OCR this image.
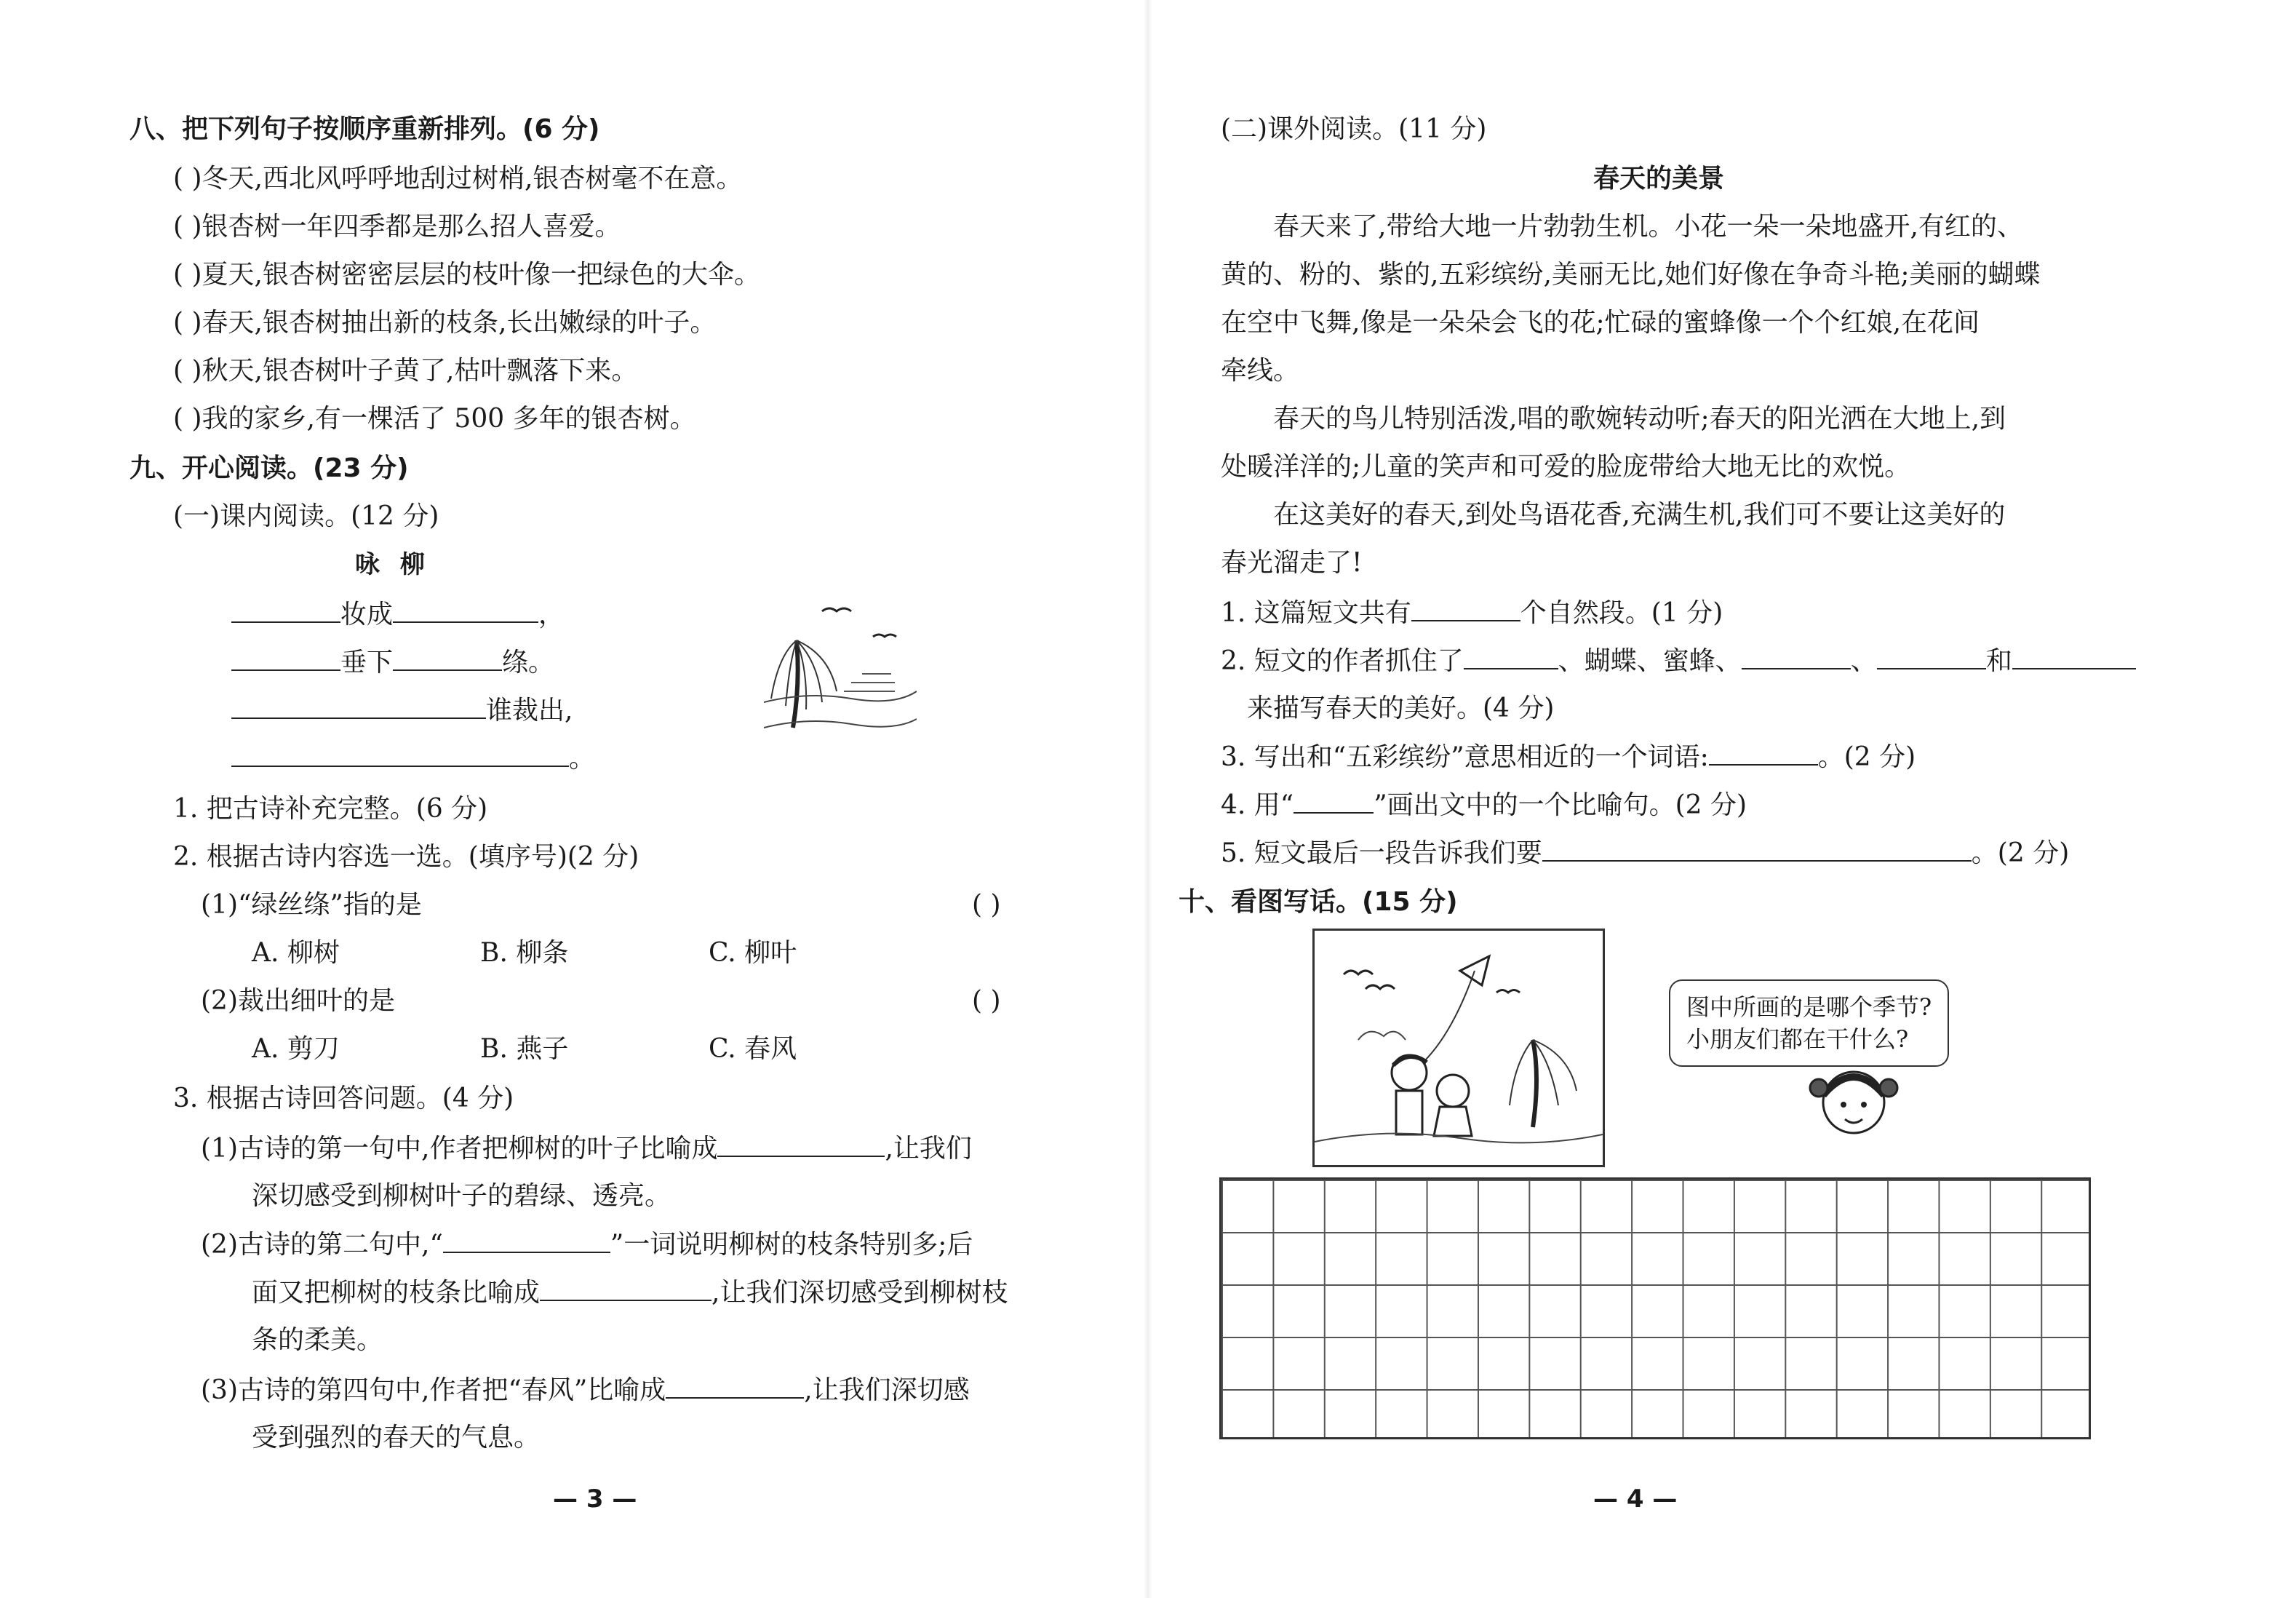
八、把下列句子按顺序重新排列。(6 分)
( )冬天,西北风呼呼地刮过树梢,银杏树毫不在意。
( )银杏树一年四季都是那么招人喜爱。
( )夏天,银杏树密密层层的枝叶像一把绿色的大伞。
( )春天,银杏树抽出新的枝条,长出嫩绿的叶子。
( )秋天,银杏树叶子黄了,枯叶飘落下来。
( )我的家乡,有一棵活了 500 多年的银杏树。
九、开心阅读。(23 分)
(一)课内阅读。(12 分)
咏 柳
妆成	，
垂下	绦。
谁裁出,
。
1. 把古诗补充完整。(6 分)
2. 根据古诗内容选一选。(填序号)(2 分)
(1)“绿丝绦”指的是	( )
A. 柳树	B. 柳条	C. 柳叶
(2)裁出细叶的是	( )
A. 剪刀	B. 燕子	C. 春风
3. 根据古诗回答问题。(4 分)
(1)古诗的第一句中,作者把柳树的叶子比喻成	,让我们
深切感受到柳树叶子的碧绿、透亮。
(2)古诗的第二句中,“	”一词说明柳树的枝条特别多;后
面又把柳树的枝条比喻成	,让我们深切感受到柳树枝
条的柔美。
(3)古诗的第四句中,作者把“春风”比喻成	,让我们深切感
受到强烈的春天的气息。
— 3 —
(二)课外阅读。(11 分)
春天的美景
春天来了,带给大地一片勃勃生机。小花一朵一朵地盛开,有红的、
黄的、粉的、紫的,五彩缤纷,美丽无比,她们好像在争奇斗艳;美丽的蝴蝶
在空中飞舞,像是一朵朵会飞的花;忙碌的蜜蜂像一个个红娘,在花间
牵线。
春天的鸟儿特别活泼,唱的歌婉转动听;春天的阳光洒在大地上,到
处暖洋洋的;儿童的笑声和可爱的脸庞带给大地无比的欢悦。
在这美好的春天,到处鸟语花香,充满生机,我们可不要让这美好的
春光溜走了!
1. 这篇短文共有	个自然段。(1 分)
2. 短文的作者抓住了	、蝴蝶、蜜蜂、	、	和
来描写春天的美好。(4 分)
3. 写出和“五彩缤纷”意思相近的一个词语:	。(2 分)
4. 用“	”画出文中的一个比喻句。(2 分)
5. 短文最后一段告诉我们要	。(2 分)
十、看图写话。(15 分)
图中所画的是哪个季节?
小朋友们都在干什么?
— 4 —
